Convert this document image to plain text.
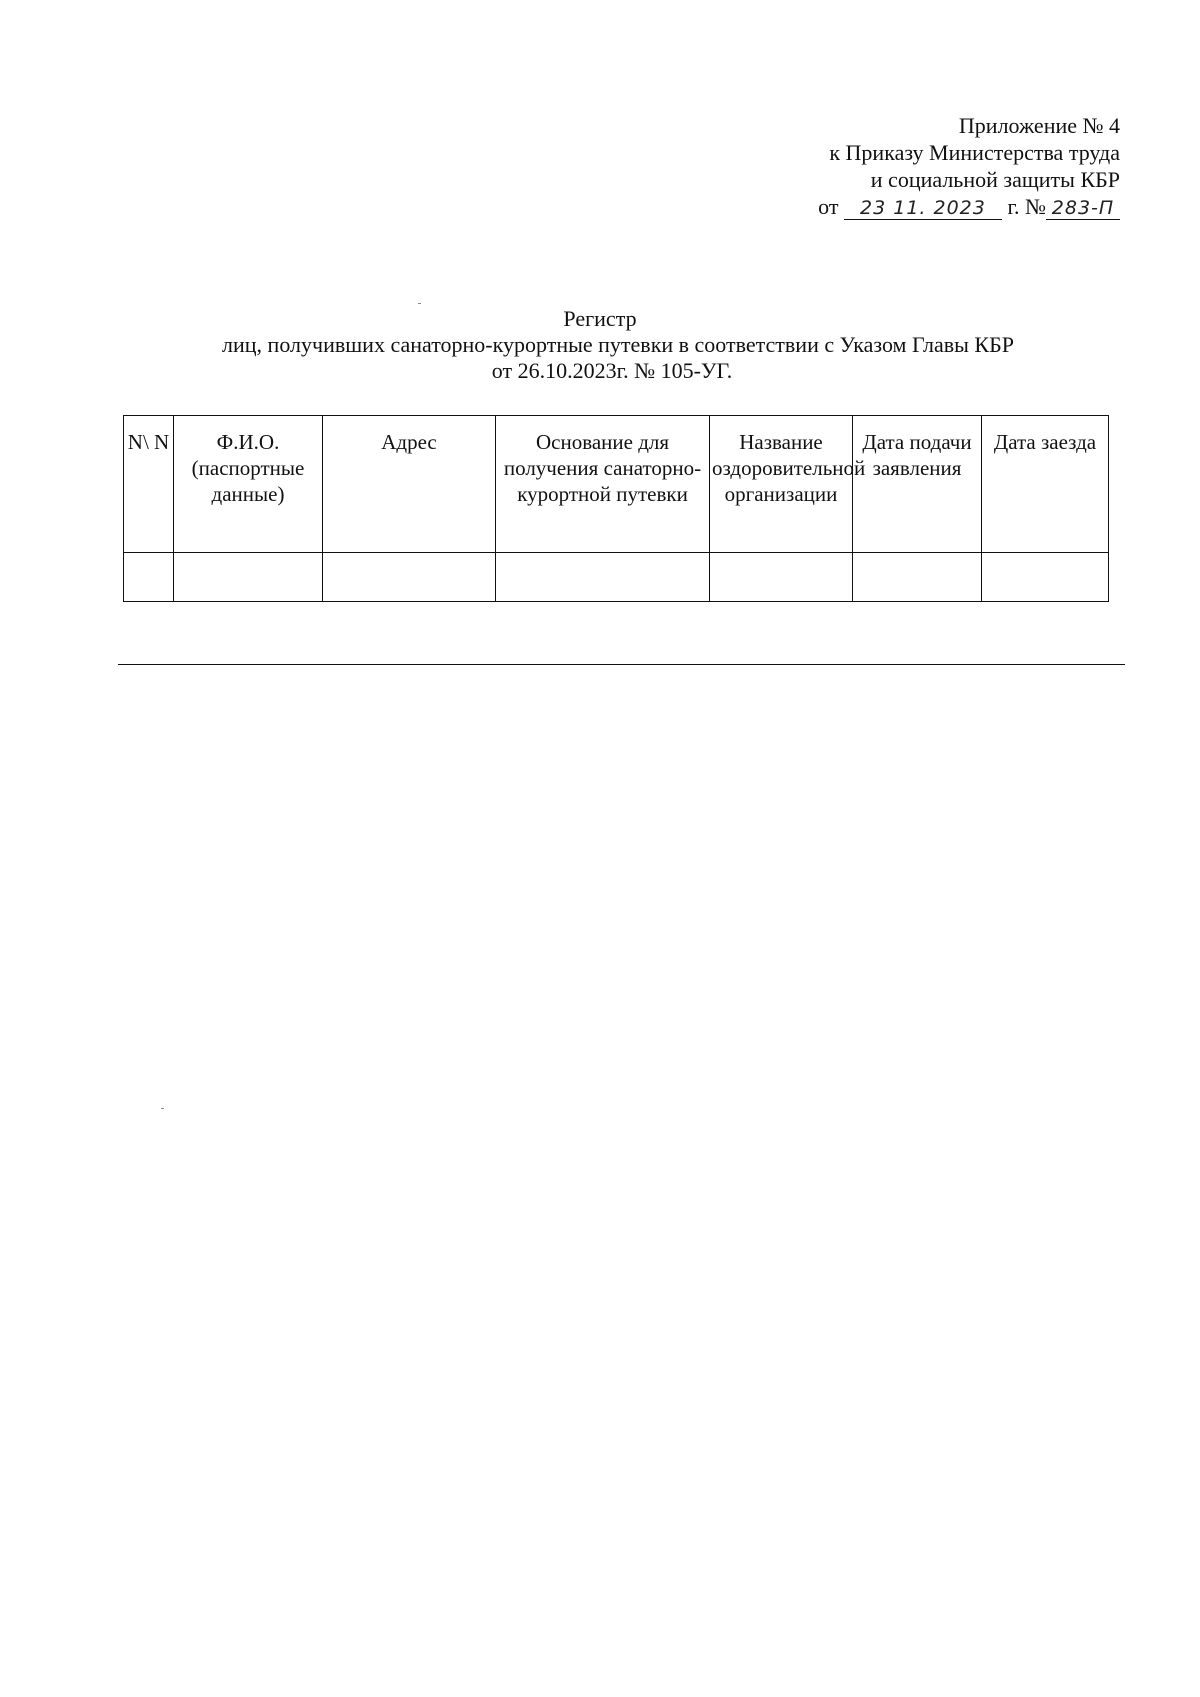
Приложение № 4
к Приказу Министерства труда
и социальной защиты КБР
от 23 11. 2023 г. № 283-П
Регистр
лиц, получивших санаторно-курортные путевки в соответствии с Указом Главы КБР
от 26.10.2023г. № 105-УГ.
N\ N	Ф.И.О. (паспортные данные)	Адрес	Основание для получения санаторно-курортной путевки	Название оздоровительной организации	Дата подачи заявления	Дата заезда
